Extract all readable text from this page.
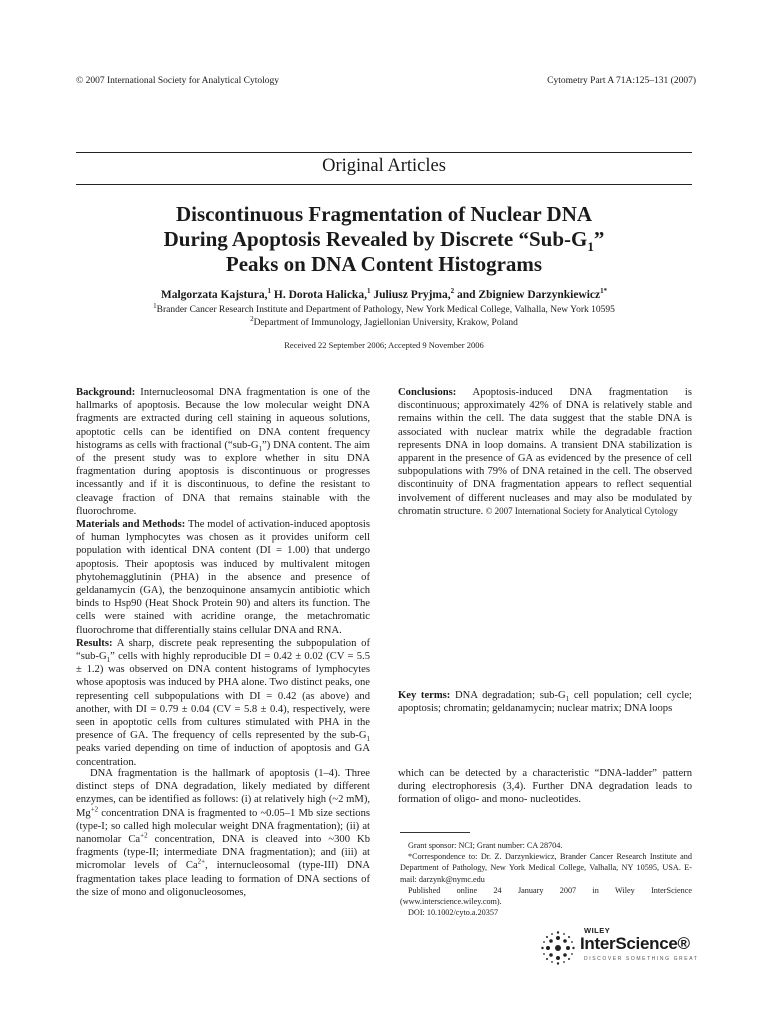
© 2007 International Society for Analytical Cytology	Cytometry Part A 71A:125–131 (2007)
Original Articles
Discontinuous Fragmentation of Nuclear DNA
During Apoptosis Revealed by Discrete “$Sub-G_1$”
Peaks on DNA Content Histograms
Malgorzata Kajstura,$^1$ H. Dorota Halicka,$^1$ Juliusz Pryjma,$^2$ and Zbigniew Darzynkiewicz$^{1*}$
$^1$Brander Cancer Research Institute and Department of Pathology, New York Medical College, Valhalla, New York 10595
$^2$Department of Immunology, Jagiellonian University, Krakow, Poland
Received 22 September 2006; Accepted 9 November 2006

Background: Internucleosomal DNA fragmentation is one of the hallmarks of apoptosis. Because the low molecular weight DNA fragments are extracted during cell staining in aqueous solutions, apoptotic cells can be identified on DNA content frequency histograms as cells with fractional $(“sub-G_1”)$ DNA content. The aim of the present study was to explore whether in situ DNA fragmentation during apoptosis is discontinuous or progresses incessantly and if it is discontinuous, to define the resistant to cleavage fraction of DNA that remains stainable with the fluorochrome.

Materials and Methods: The model of activation-induced apoptosis of human lymphocytes was chosen as it provides uniform cell population with identical DNA content (DI = 1.00) that undergo apoptosis. Their apoptosis was induced by multivalent mitogen phytohemagglutinin (PHA) in the absence and presence of geldanamycin (GA), the benzoquinone ansamycin antibiotic which binds to Hsp90 (Heat Shock Protein 90) and alters its function. The cells were stained with acridine orange, the metachromatic fluorochrome that differentially stains cellular DNA and RNA.

Results: A sharp, discrete peak representing the subpopulation of “$sub-G_1$” cells with highly reproducible DI = 0.42 ± 0.02 (CV = 5.5 ± 1.2) was observed on DNA content histograms of lymphocytes whose apoptosis was induced by PHA alone. Two distinct peaks, one representing cell subpopulations with DI = 0.42 (as above) and another, with DI = 0.79 ± 0.04 (CV = 5.8 ± 0.4), respectively, were seen in apoptotic cells from cultures stimulated with PHA in the presence of GA. The frequency of cells represented by the sub-$G_1$ peaks varied depending on time of induction of apoptosis and GA concentration.

Conclusions: Apoptosis-induced DNA fragmentation is discontinuous; approximately 42% of DNA is relatively stable and remains within the cell. The data suggest that the stable DNA is associated with nuclear matrix while the degradable fraction represents DNA in loop domains. A transient DNA stabilization is apparent in the presence of GA as evidenced by the presence of cell subpopulations with 79% of DNA retained in the cell. The observed discontinuity of DNA fragmentation appears to reflect sequential involvement of different nucleases and may also be modulated by chromatin structure. © 2007 International Society for Analytical Cytology

Key terms: DNA degradation; sub-$G_1$ cell population; cell cycle; apoptosis; chromatin; geldanamycin; nuclear matrix; DNA loops

DNA fragmentation is the hallmark of apoptosis (1–4). Three distinct steps of DNA degradation, likely mediated by different enzymes, can be identified as follows: (i) at relatively high (~2 mM), $Mg^{+2}$ concentration DNA is fragmented to ~0.05–1 Mb size sections (type-I; so called high molecular weight DNA fragmentation); (ii) at nanomolar $Ca^{+2}$ concentration, DNA is cleaved into ~300 Kb fragments (type-II; intermediate DNA fragmentation); and (iii) at micromolar levels of $Ca^{2+}$, internucleosomal (type-III) DNA fragmentation takes place leading to formation of DNA sections of the size of mono and oligonucleosomes,

which can be detected by a characteristic “DNA-ladder” pattern during electrophoresis (3,4). Further DNA degradation leads to formation of oligo- and mono- nucleotides.

Grant sponsor: NCI; Grant number: CA 28704.

*Correspondence to: Dr. Z. Darzynkiewicz, Brander Cancer Research Institute and Department of Pathology, New York Medical College, Valhalla, NY 10595, USA. E-mail: darzynk@nymc.edu

Published online 24 January 2007 in Wiley InterScience (www.interscience.wiley.com).

DOI: 10.1002/cyto.a.20357

WILEY
InterScience®
DISCOVER SOMETHING GREAT
